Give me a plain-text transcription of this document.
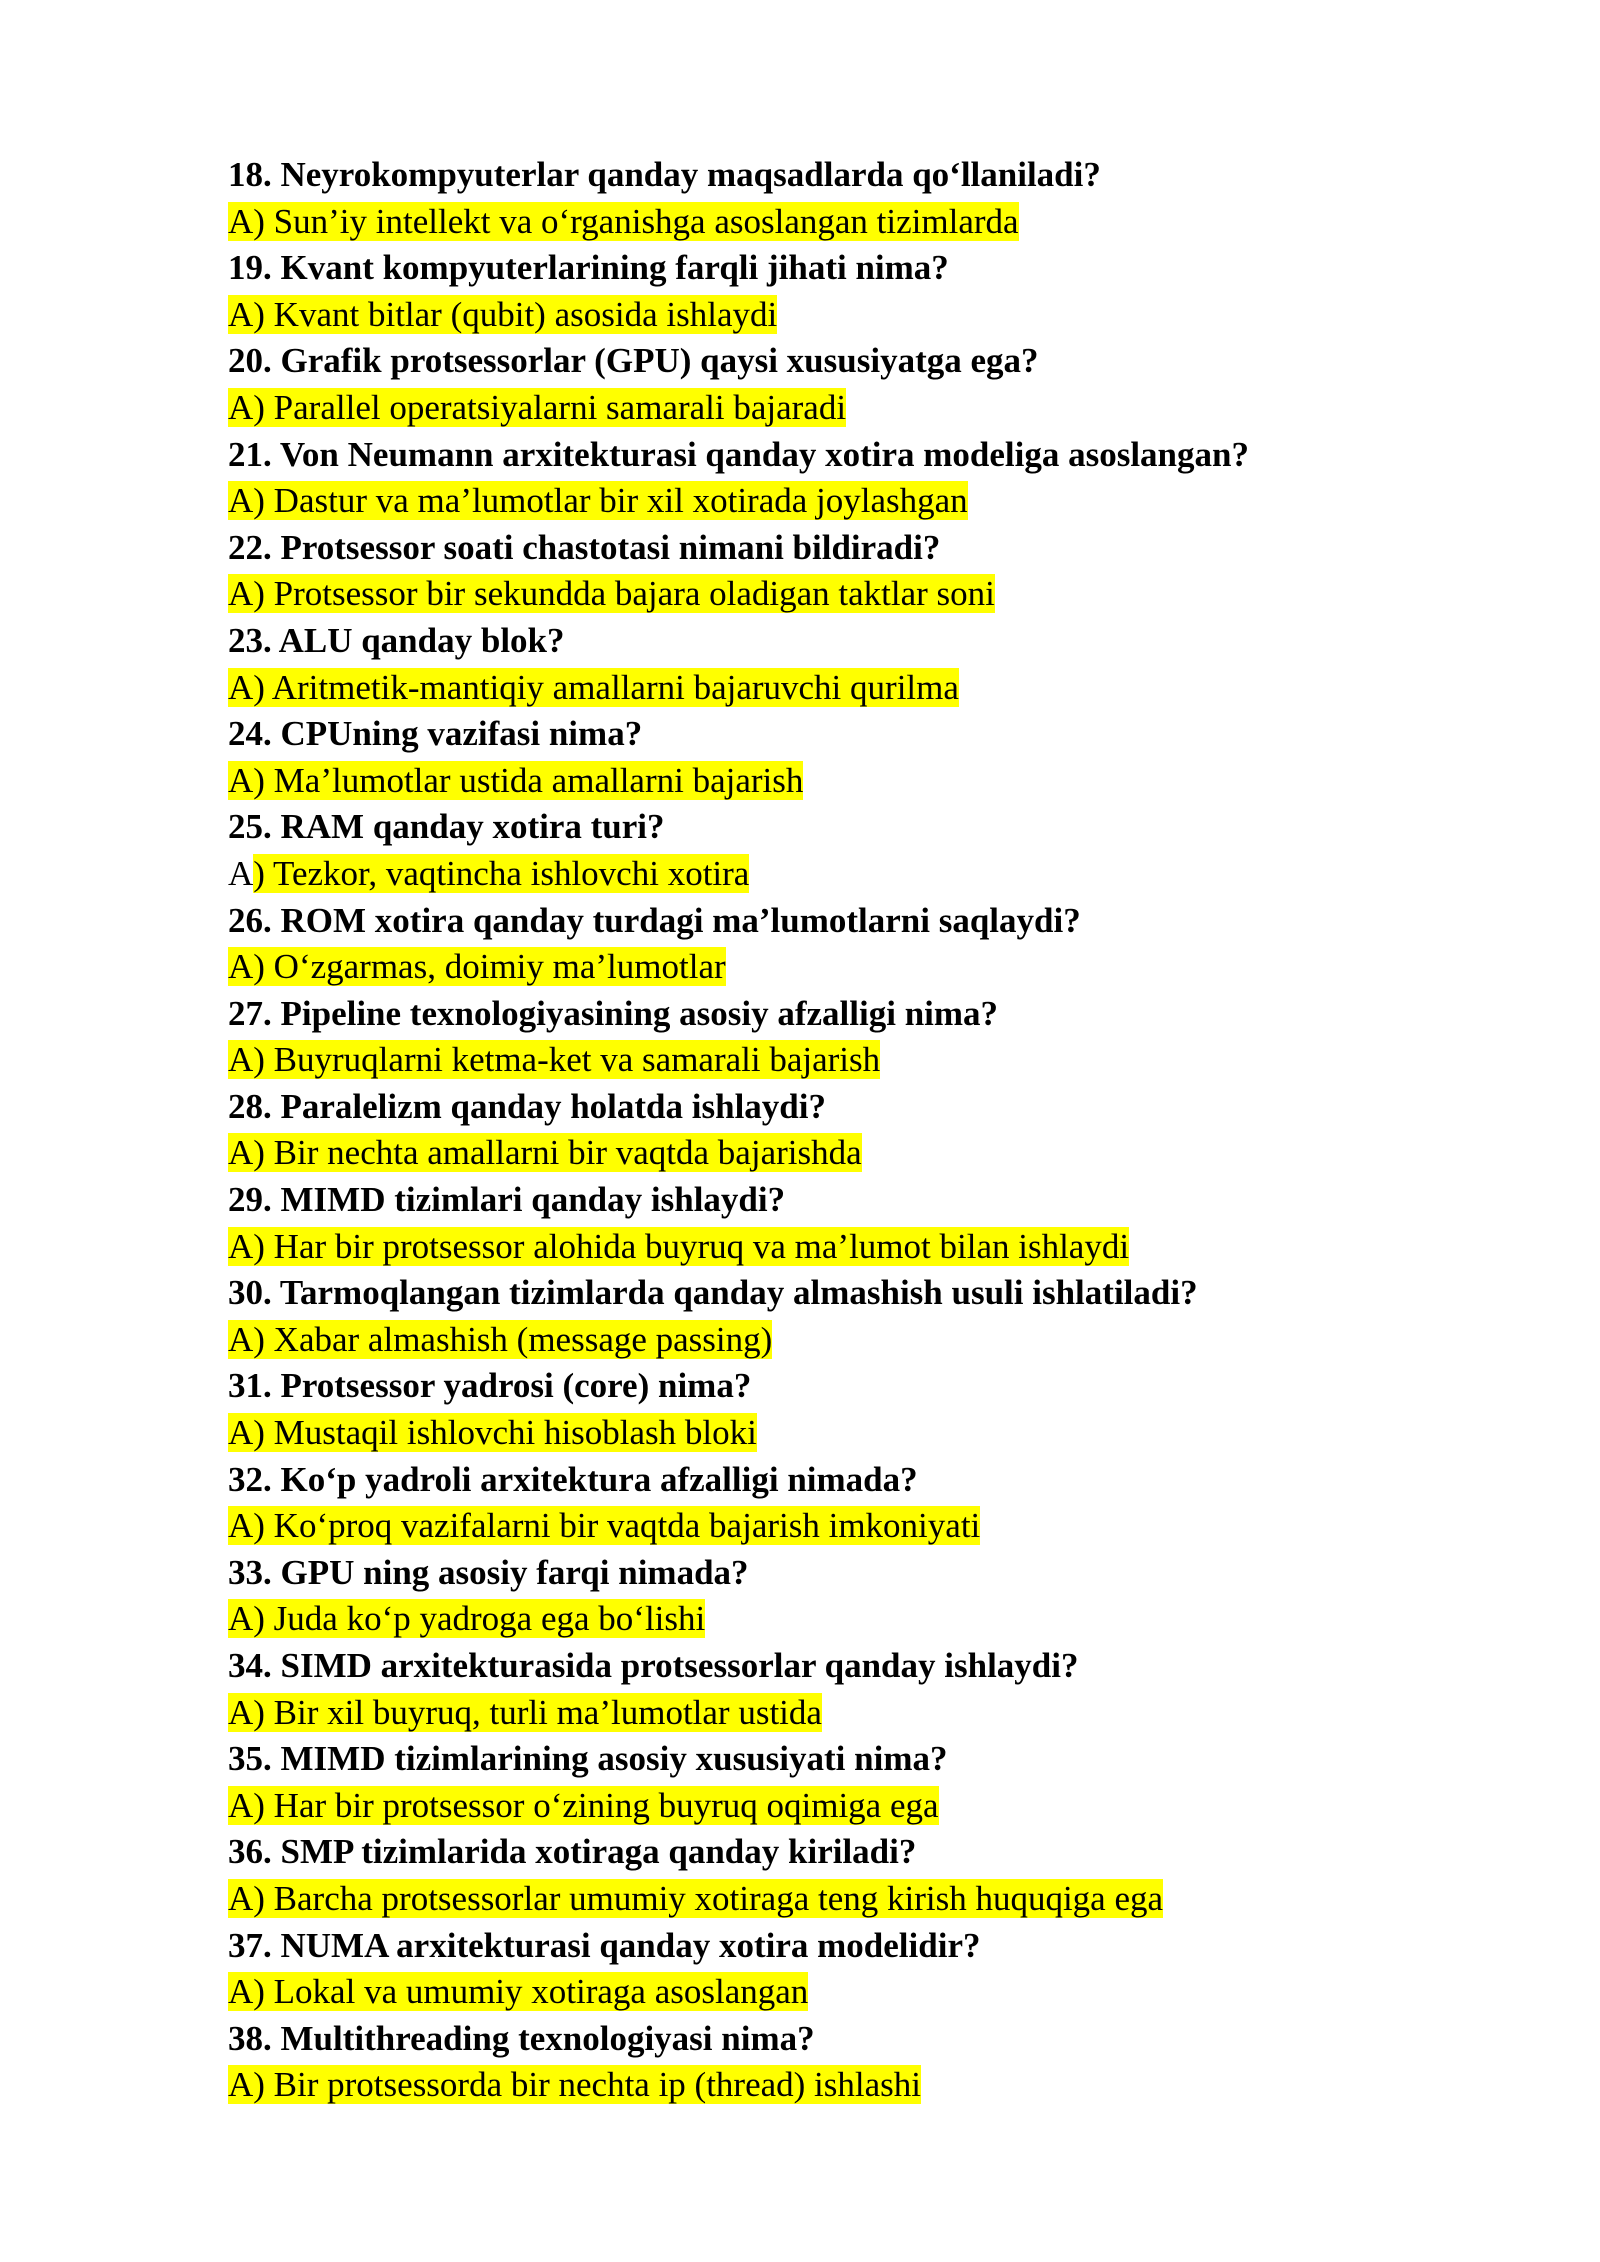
18. Neyrokompyuterlar qanday maqsadlarda qo‘llaniladi?
A) Sun’iy intellekt va o‘rganishga asoslangan tizimlarda
19. Kvant kompyuterlarining farqli jihati nima?
A) Kvant bitlar (qubit) asosida ishlaydi
20. Grafik protsessorlar (GPU) qaysi xususiyatga ega?
A) Parallel operatsiyalarni samarali bajaradi
21. Von Neumann arxitekturasi qanday xotira modeliga asoslangan?
A) Dastur va ma’lumotlar bir xil xotirada joylashgan
22. Protsessor soati chastotasi nimani bildiradi?
A) Protsessor bir sekundda bajara oladigan taktlar soni
23. ALU qanday blok?
A) Aritmetik-mantiqiy amallarni bajaruvchi qurilma
24. CPUning vazifasi nima?
A) Ma’lumotlar ustida amallarni bajarish
25. RAM qanday xotira turi?
A) Tezkor, vaqtincha ishlovchi xotira
26. ROM xotira qanday turdagi ma’lumotlarni saqlaydi?
A) O‘zgarmas, doimiy ma’lumotlar
27. Pipeline texnologiyasining asosiy afzalligi nima?
A) Buyruqlarni ketma-ket va samarali bajarish
28. Paralelizm qanday holatda ishlaydi?
A) Bir nechta amallarni bir vaqtda bajarishda
29. MIMD tizimlari qanday ishlaydi?
A) Har bir protsessor alohida buyruq va ma’lumot bilan ishlaydi
30. Tarmoqlangan tizimlarda qanday almashish usuli ishlatiladi?
A) Xabar almashish (message passing)
31. Protsessor yadrosi (core) nima?
A) Mustaqil ishlovchi hisoblash bloki
32. Ko‘p yadroli arxitektura afzalligi nimada?
A) Ko‘proq vazifalarni bir vaqtda bajarish imkoniyati
33. GPU ning asosiy farqi nimada?
A) Juda ko‘p yadroga ega bo‘lishi
34. SIMD arxitekturasida protsessorlar qanday ishlaydi?
A) Bir xil buyruq, turli ma’lumotlar ustida
35. MIMD tizimlarining asosiy xususiyati nima?
A) Har bir protsessor o‘zining buyruq oqimiga ega
36. SMP tizimlarida xotiraga qanday kiriladi?
A) Barcha protsessorlar umumiy xotiraga teng kirish huquqiga ega
37. NUMA arxitekturasi qanday xotira modelidir?
A) Lokal va umumiy xotiraga asoslangan
38. Multithreading texnologiyasi nima?
A) Bir protsessorda bir nechta ip (thread) ishlashi
